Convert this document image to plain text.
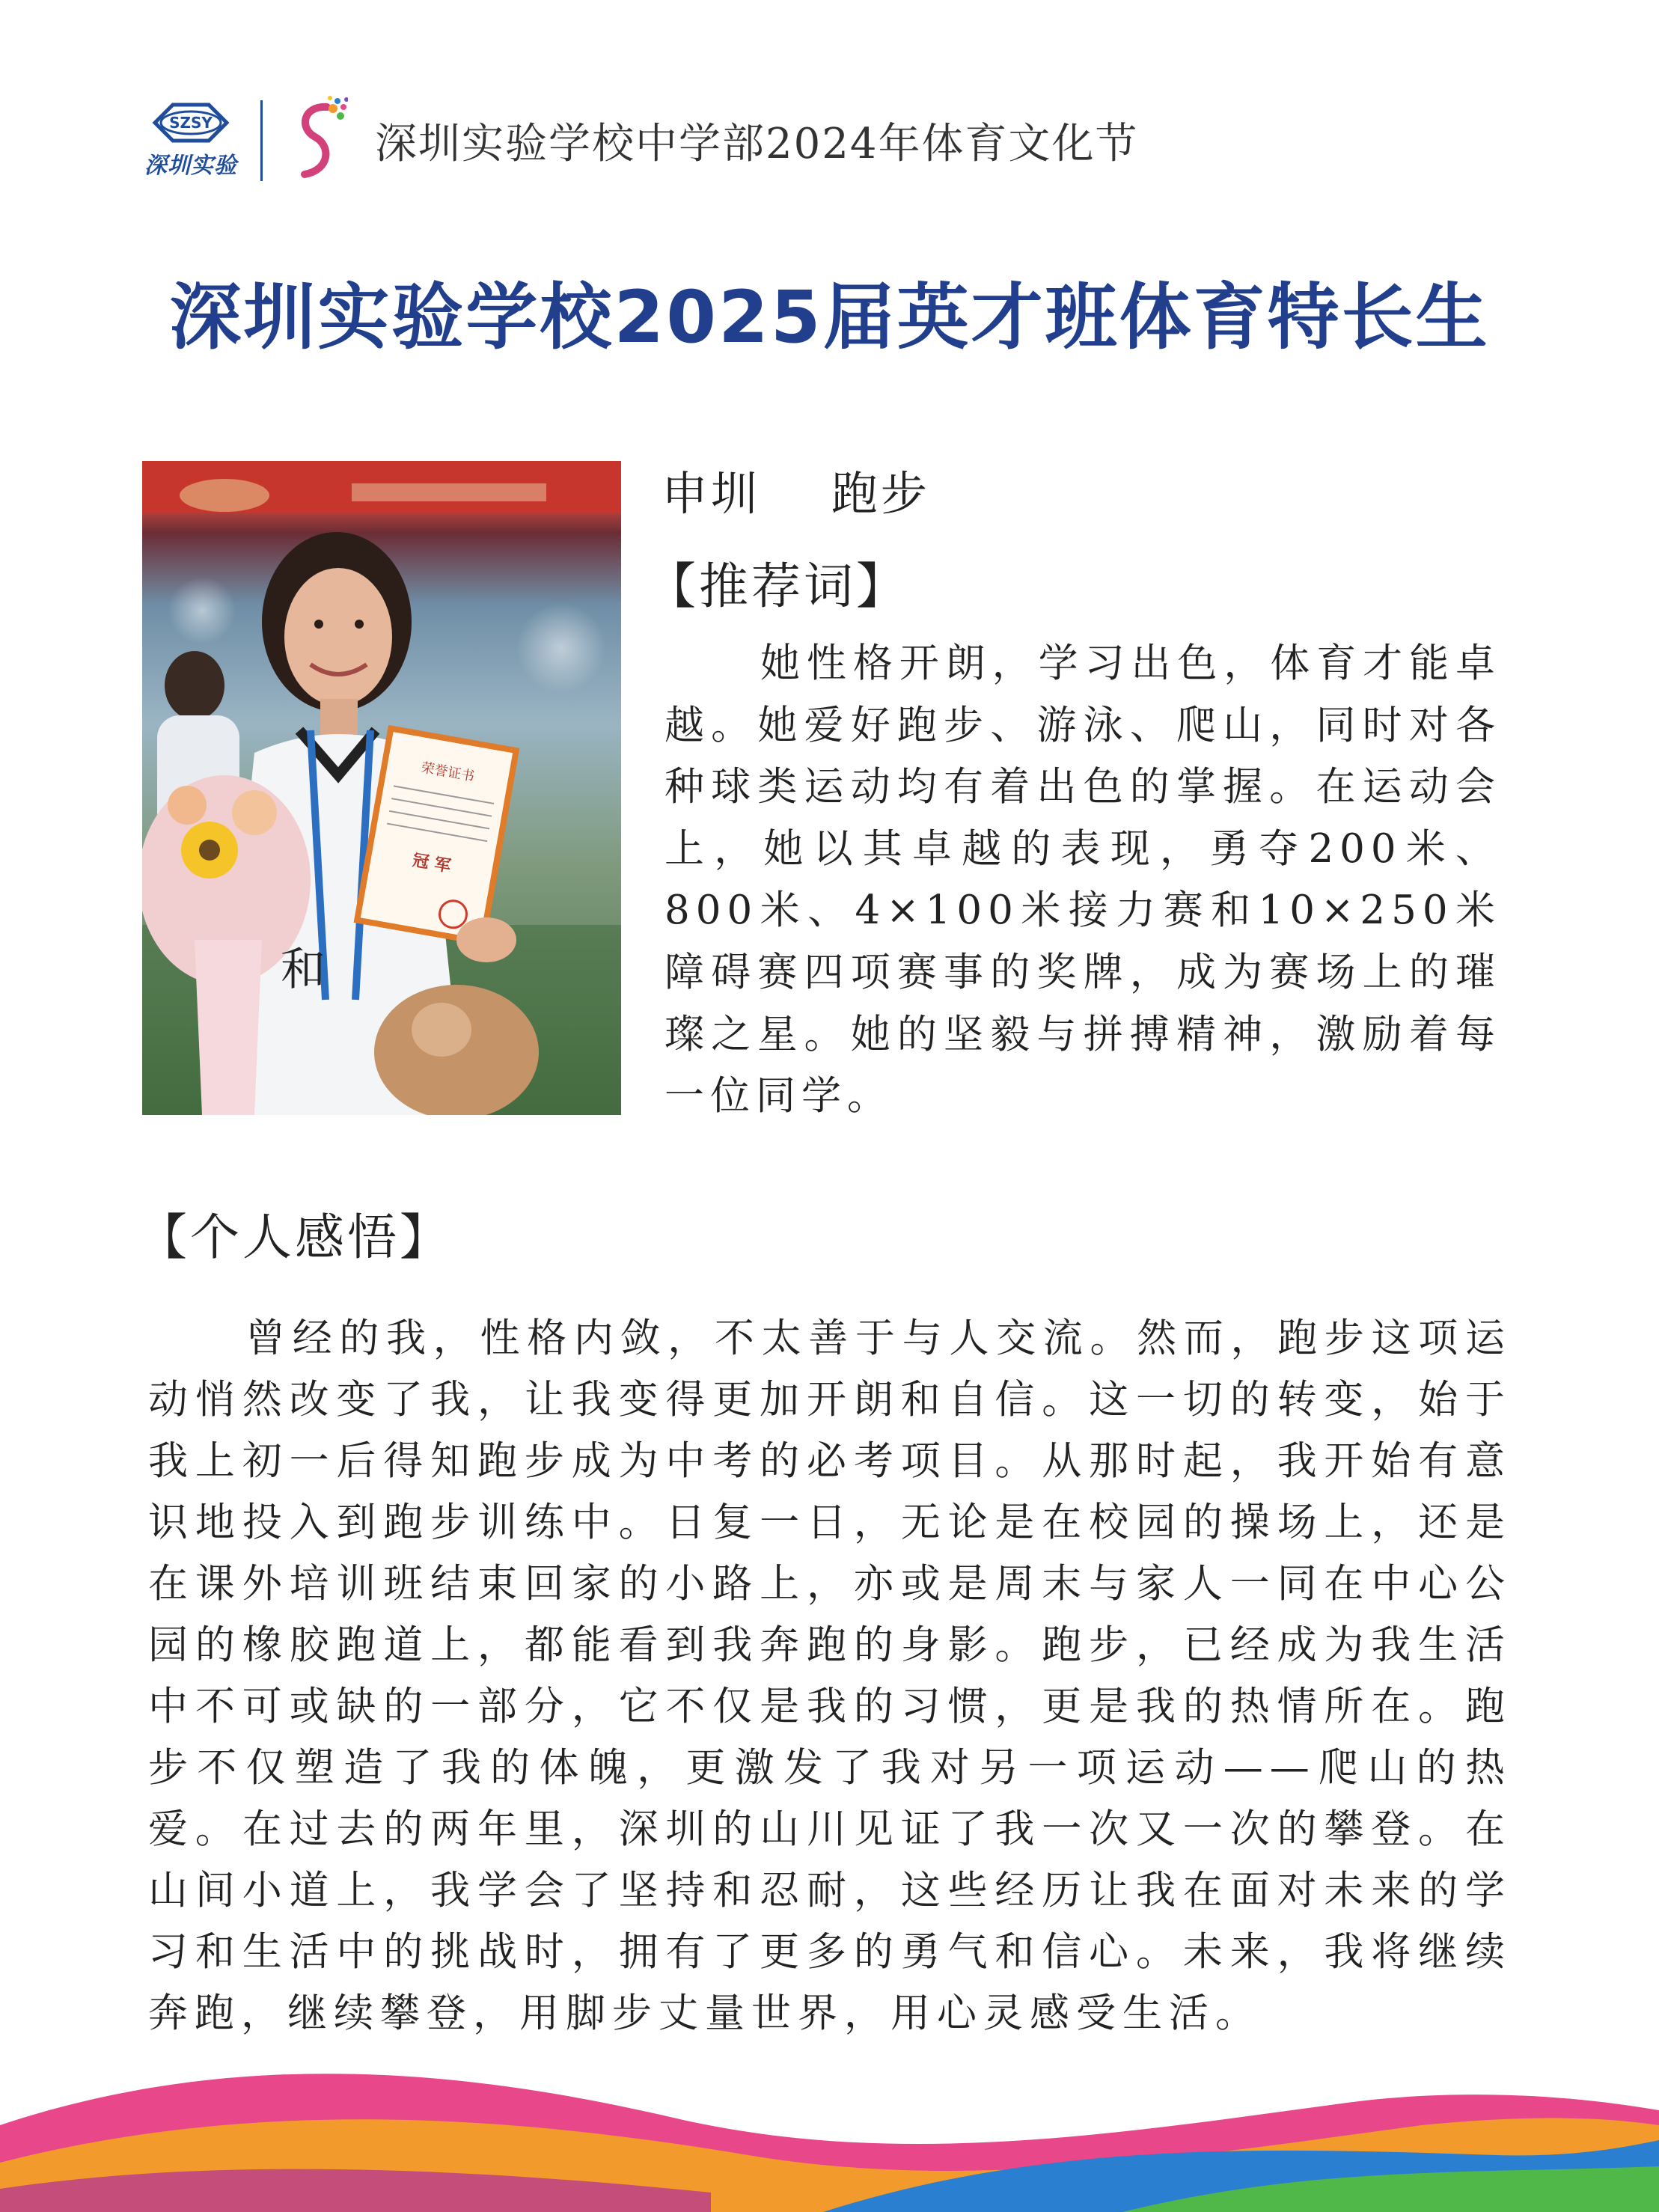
SZSY
深圳实验	深圳实验学校中学部2024年体育文化节
深圳实验学校2025届英才班体育特长生
和
荣誉证书
冠 军
申圳    跑步
【推荐词】
她性格开朗，学习出色，体育才能卓越。她爱好跑步、游泳、爬山，同时对各种球类运动均有着出色的掌握。在运动会上，她以其卓越的表现，勇夺200米、800米、4×100米接力赛和10×250米障碍赛四项赛事的奖牌，成为赛场上的璀璨之星。她的坚毅与拼搏精神，激励着每一位同学。
【个人感悟】
曾经的我，性格内敛，不太善于与人交流。然而，跑步这项运动悄然改变了我，让我变得更加开朗和自信。这一切的转变，始于我上初一后得知跑步成为中考的必考项目。从那时起，我开始有意识地投入到跑步训练中。日复一日，无论是在校园的操场上，还是在课外培训班结束回家的小路上，亦或是周末与家人一同在中心公园的橡胶跑道上，都能看到我奔跑的身影。跑步，已经成为我生活中不可或缺的一部分，它不仅是我的习惯，更是我的热情所在。跑步不仅塑造了我的体魄，更激发了我对另一项运动——爬山的热爱。在过去的两年里，深圳的山川见证了我一次又一次的攀登。在山间小道上，我学会了坚持和忍耐，这些经历让我在面对未来的学习和生活中的挑战时，拥有了更多的勇气和信心。未来，我将继续奔跑，继续攀登，用脚步丈量世界，用心灵感受生活。
